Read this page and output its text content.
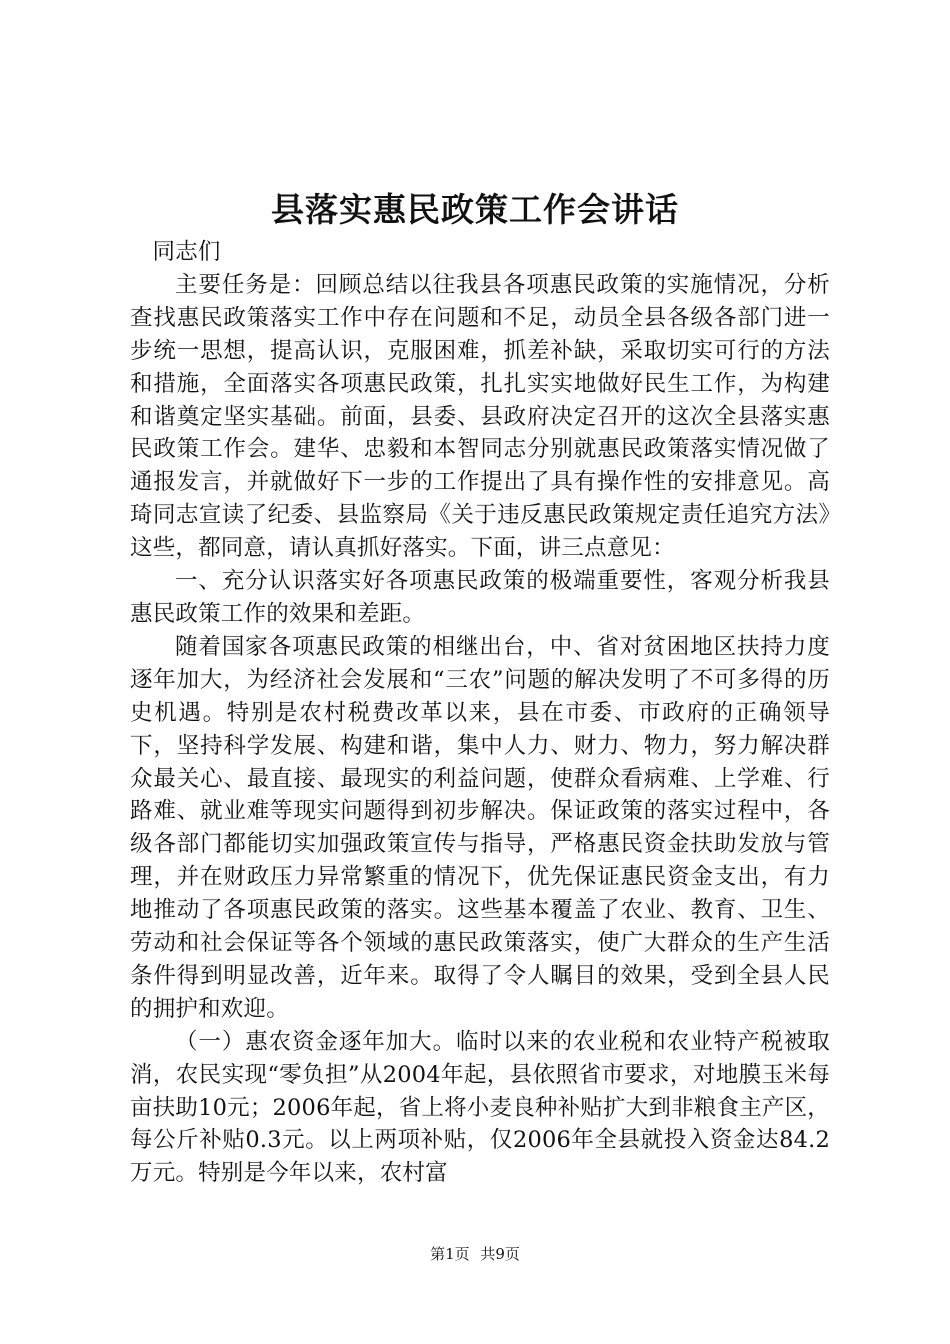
县落实惠民政策工作会讲话

同志们

主要任务是：回顾总结以往我县各项惠民政策的实施情况，分析查找惠民政策落实工作中存在问题和不足，动员全县各级各部门进一步统一思想，提高认识，克服困难，抓差补缺，采取切实可行的方法和措施，全面落实各项惠民政策，扎扎实实地做好民生工作，为构建和谐奠定坚实基础。前面，县委、县政府决定召开的这次全县落实惠民政策工作会。建华、忠毅和本智同志分别就惠民政策落实情况做了通报发言，并就做好下一步的工作提出了具有操作性的安排意见。高琦同志宣读了纪委、县监察局《关于违反惠民政策规定责任追究方法》这些，都同意，请认真抓好落实。下面，讲三点意见：

一、充分认识落实好各项惠民政策的极端重要性，客观分析我县惠民政策工作的效果和差距。

随着国家各项惠民政策的相继出台，中、省对贫困地区扶持力度逐年加大，为经济社会发展和“三农”问题的解决发明了不可多得的历史机遇。特别是农村税费改革以来，县在市委、市政府的正确领导下，坚持科学发展、构建和谐，集中人力、财力、物力，努力解决群众最关心、最直接、最现实的利益问题，使群众看病难、上学难、行路难、就业难等现实问题得到初步解决。保证政策的落实过程中，各级各部门都能切实加强政策宣传与指导，严格惠民资金扶助发放与管理，并在财政压力异常繁重的情况下，优先保证惠民资金支出，有力地推动了各项惠民政策的落实。这些基本覆盖了农业、教育、卫生、劳动和社会保证等各个领域的惠民政策落实，使广大群众的生产生活条件得到明显改善，近年来。取得了令人瞩目的效果，受到全县人民的拥护和欢迎。

（一）惠农资金逐年加大。临时以来的农业税和农业特产税被取消，农民实现“零负担”从2004年起，县依照省市要求，对地膜玉米每亩扶助10元；2006年起，省上将小麦良种补贴扩大到非粮食主产区，每公斤补贴0.3元。以上两项补贴，仅2006年全县就投入资金达84.2万元。特别是今年以来，农村富

第1页 共9页
